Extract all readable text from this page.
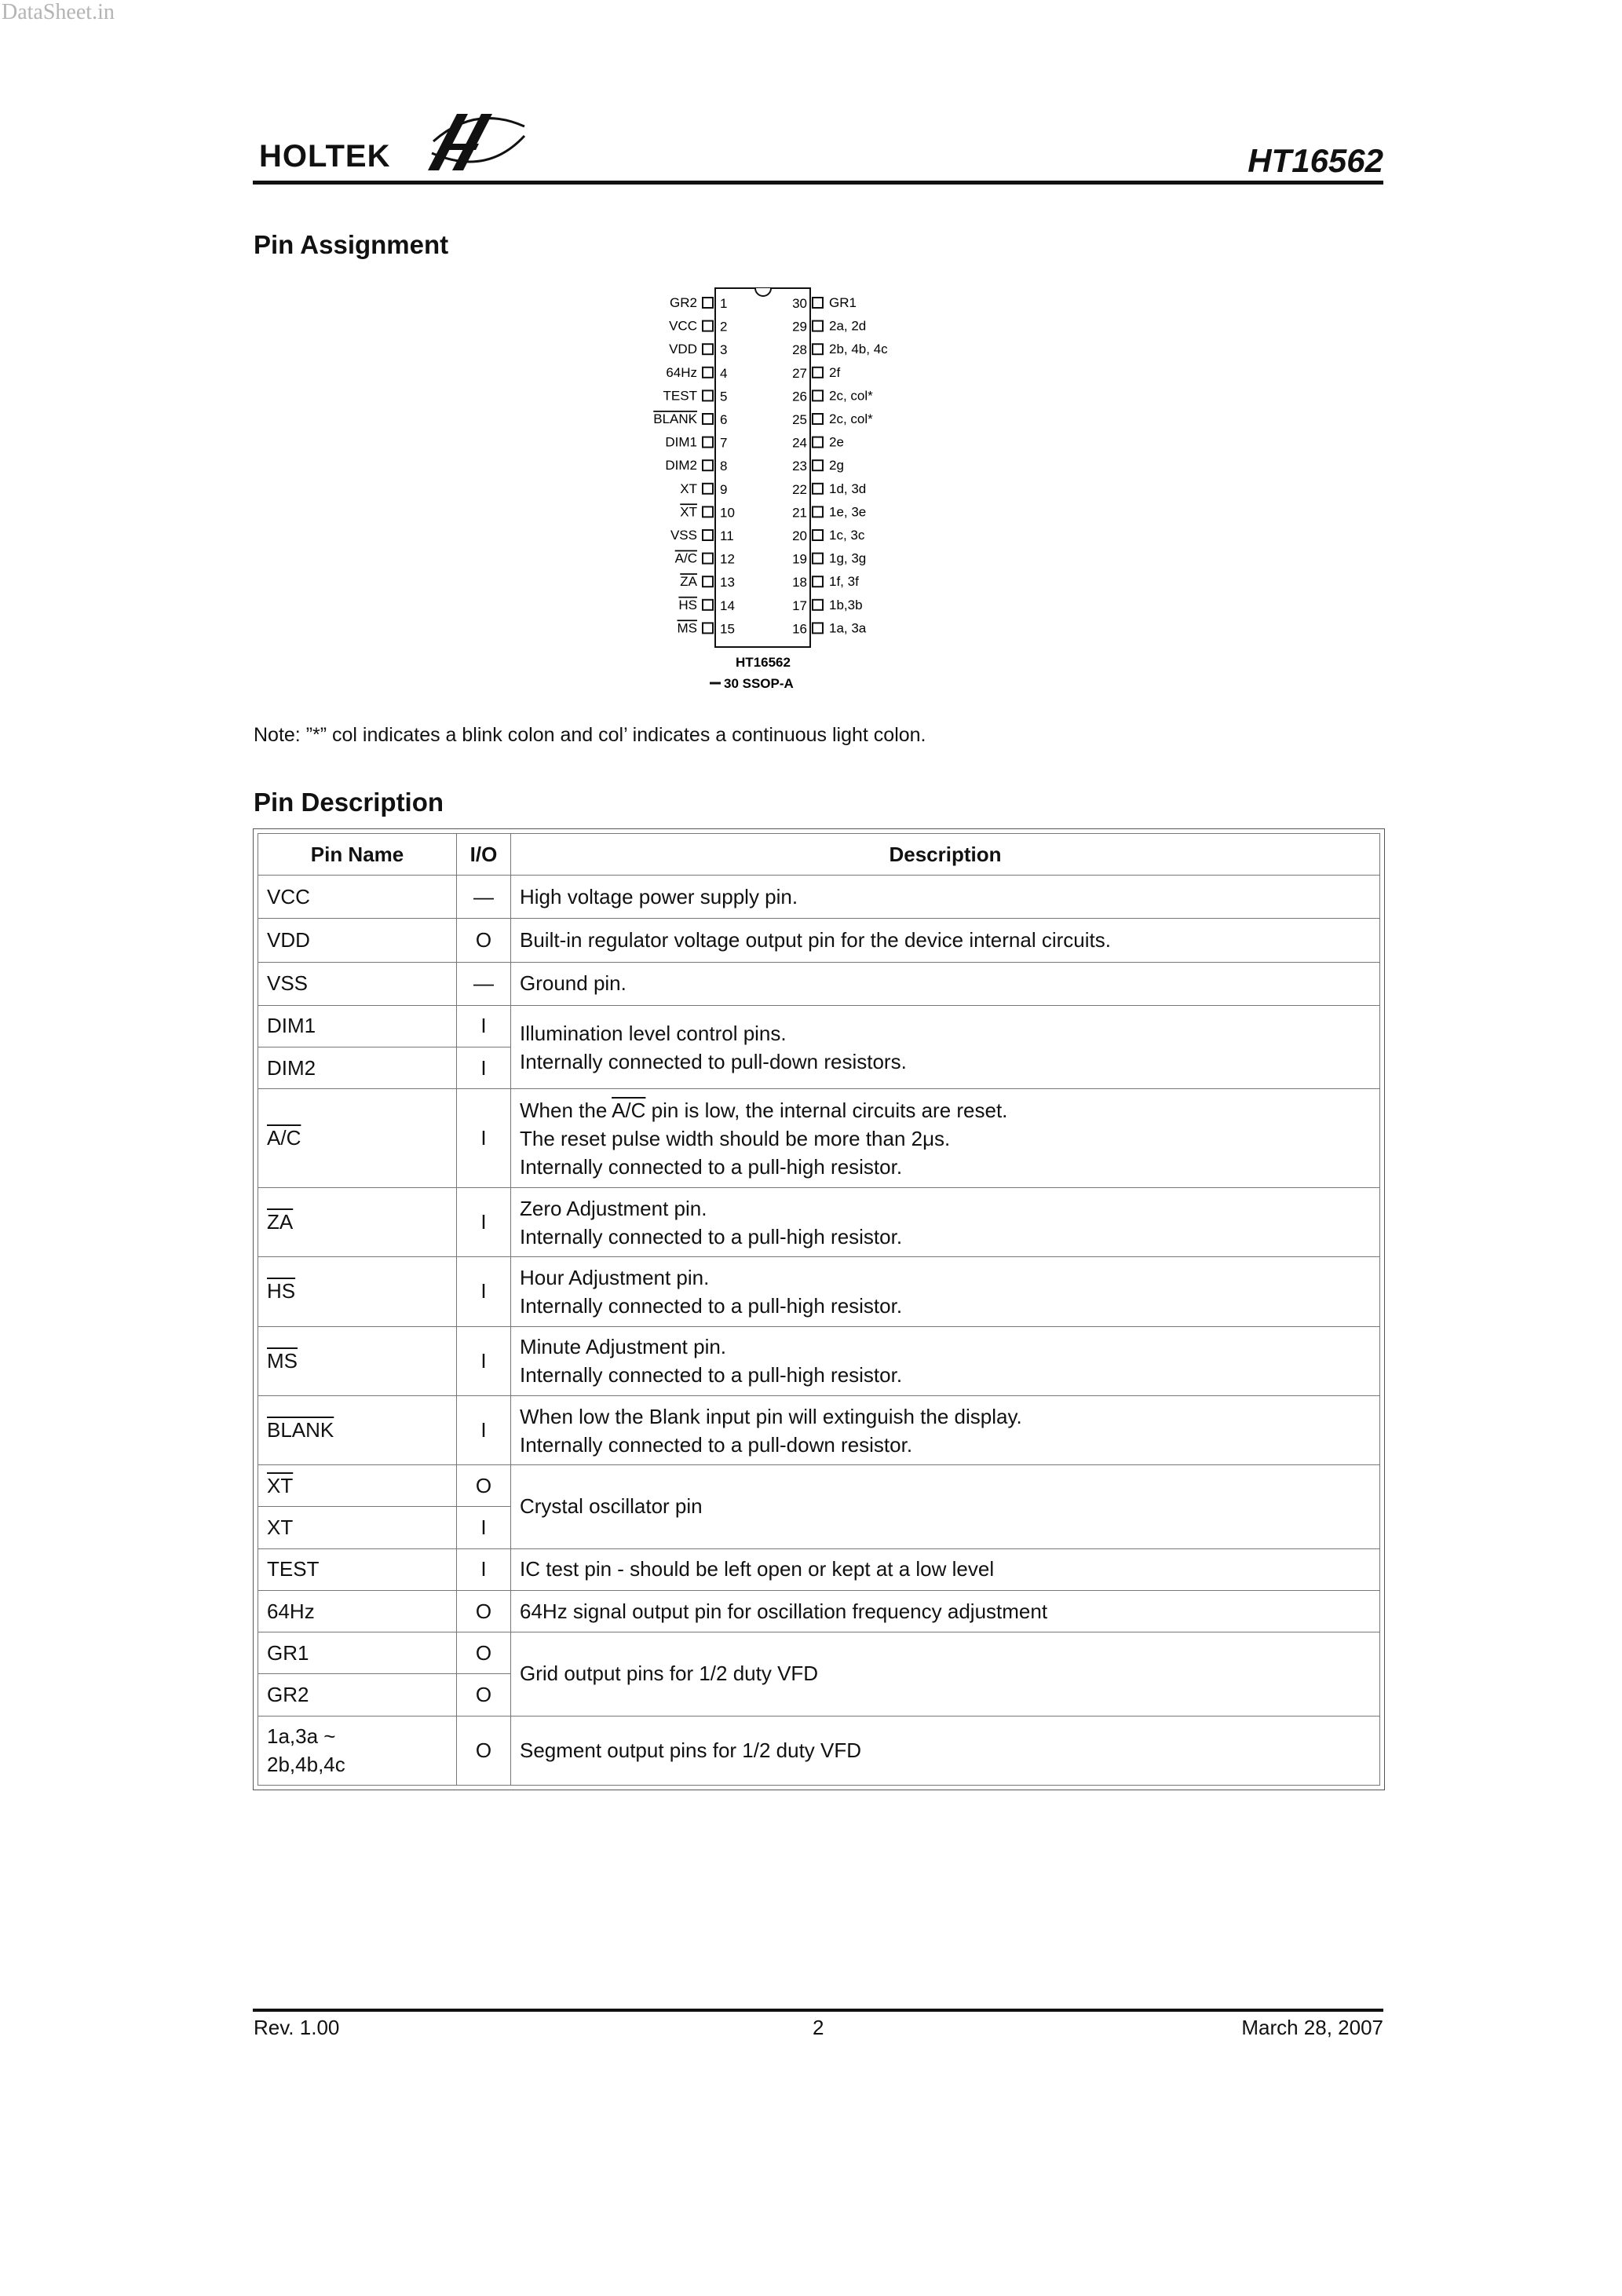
DataSheet.in
HOLTEK	HT16562
Pin Assignment
GR2 1
VCC 2
VDD 3
64Hz 4
TEST 5
BLANK 6
DIM1 7
DIM2 8
XT 9
XT 10
VSS 11
A/C 12
ZA 13
HS 14
MS 15
30 GR1
29 2a, 2d
28 2b, 4b, 4c
27 2f
26 2c, col*
25 2c, col*
24 2e
23 2g
22 1d, 3d
21 1e, 3e
20 1c, 3c
19 1g, 3g
18 1f, 3f
17 1b,3b
16 1a, 3a
HT16562
30 SSOP-A
Note: ”*” col indicates a blink colon and col’ indicates a continuous light colon.
Pin Description
Pin Name	I/O	Description
VCC	—	High voltage power supply pin.
VDD	O	Built-in regulator voltage output pin for the device internal circuits.
VSS	—	Ground pin.
DIM1	I	Illumination level control pins.
Internally connected to pull-down resistors.

DIM2	I	
A/C	I	When the A/C pin is low, the internal circuits are reset.
The reset pulse width should be more than 2μs.
Internally connected to a pull-high resistor.

$\overline{ZA}$	I	Zero Adjustment pin.
Internally connected to a pull-high resistor.

$\overline{HS}$	I	Hour Adjustment pin.
Internally connected to a pull-high resistor.

$\overline{MS}$	I	Minute Adjustment pin.
Internally connected to a pull-high resistor.

BLANK	I	When low the Blank input pin will extinguish the display.
Internally connected to a pull-down resistor.

$\overline{XT}$	O	Crystal oscillator pin
XT	I	
TEST	I	IC test pin - should be left open or kept at a low level
64Hz	O	64Hz signal output pin for oscillation frequency adjustment
GR1	O	Grid output pins for 1/2 duty VFD
GR2	O	

1a,3a ~
2b,4b,4c	O	Segment output pins for 1/2 duty VFD
Rev. 1.00	2	March 28, 2007
